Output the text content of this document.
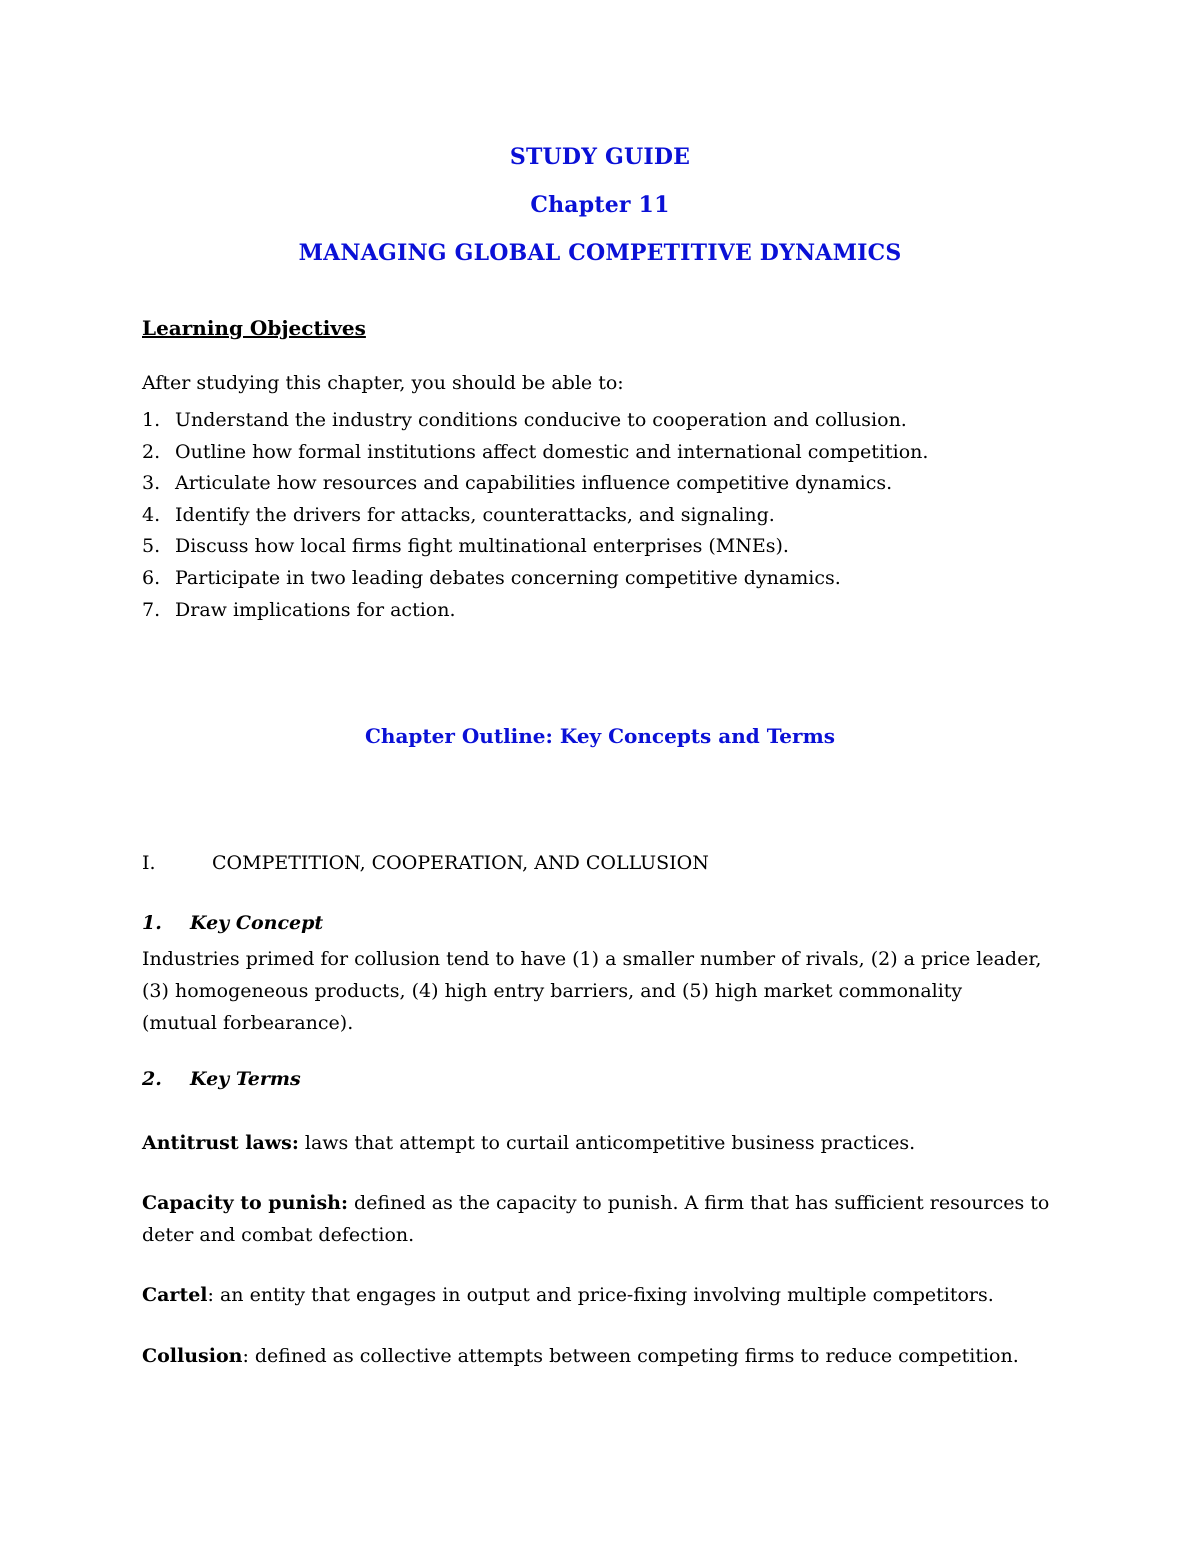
STUDY GUIDE
Chapter 11
MANAGING GLOBAL COMPETITIVE DYNAMICS
Learning Objectives
After studying this chapter, you should be able to:
1. Understand the industry conditions conducive to cooperation and collusion.
2. Outline how formal institutions affect domestic and international competition.
3. Articulate how resources and capabilities influence competitive dynamics.
4. Identify the drivers for attacks, counterattacks, and signaling.
5. Discuss how local firms fight multinational enterprises (MNEs).
6. Participate in two leading debates concerning competitive dynamics.
7. Draw implications for action.
Chapter Outline: Key Concepts and Terms
I.	COMPETITION, COOPERATION, AND COLLUSION
1. Key Concept
Industries primed for collusion tend to have (1) a smaller number of rivals, (2) a price leader, (3) homogeneous products, (4) high entry barriers, and (5) high market commonality (mutual forbearance).
2. Key Terms
Antitrust laws: laws that attempt to curtail anticompetitive business practices.
Capacity to punish: defined as the capacity to punish. A firm that has sufficient resources to deter and combat defection.
Cartel: an entity that engages in output and price-fixing involving multiple competitors.
Collusion: defined as collective attempts between competing firms to reduce competition.
